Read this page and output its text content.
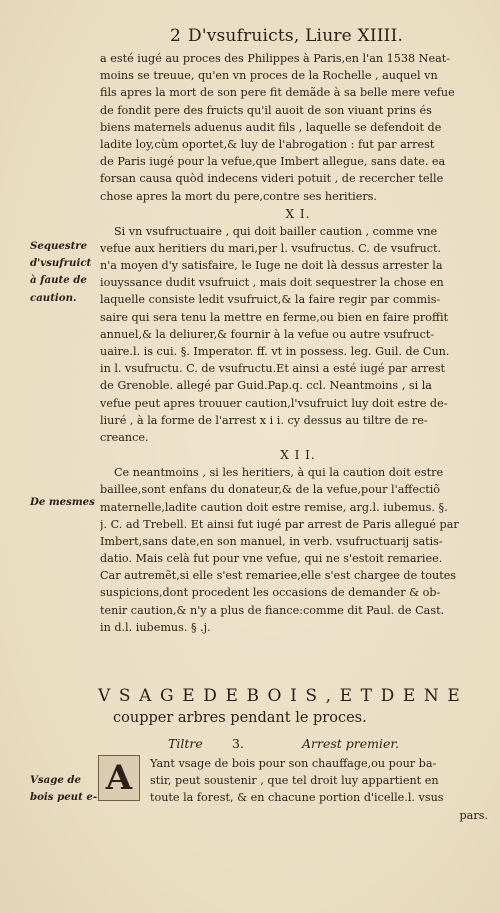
2 D'vsufruicts, Liure XIIII.
a esté iugé au proces des Philippes à Paris,en l'an 1538 Neat-
moins se treuue, qu'en vn proces de la Rochelle , auquel vn
fils apres la mort de son pere fit demãde à sa belle mere vefue
de fondit pere des fruicts qu'il auoit de son viuant prins és
biens maternels aduenus audit fils , laquelle se defendoit de
ladite loy,cùm oportet,& luy de l'abrogation : fut par arrest
de Paris iugé pour la vefue,que Imbert allegue, sans date. ea
forsan causa quòd indecens videri potuit , de recercher telle
chose apres la mort du pere,contre ses heritiers.
X I.
Si vn vsufructuaire , qui doit bailler caution , comme vne
vefue aux heritiers du mari,per l. vsufructus. C. de vsufruct.
n'a moyen d'y satisfaire, le Iuge ne doit là dessus arrester la
iouyssance dudit vsufruict , mais doit sequestrer la chose en
laquelle consiste ledit vsufruict,& la faire regir par commis-
saire qui sera tenu la mettre en ferme,ou bien en faire proffit
annuel,& la deliurer,& fournir à la vefue ou autre vsufruct-
uaire.l. is cui. §. Imperator. ff. vt in possess. leg. Guil. de Cun.
in l. vsufructu. C. de vsufructu.Et ainsi a esté iugé par arrest
de Grenoble. allegé par Guid.Pap.q. ccl. Neantmoins , si la
vefue peut apres trouuer caution,l'vsufruict luy doit estre de-
liuré , à la forme de l'arrest x i i. cy dessus au tiltre de re-
creance.
X I I.
Ce neantmoins , si les heritiers, à qui la caution doit estre
baillee,sont enfans du donateur,& de la vefue,pour l'affectiõ
maternelle,ladite caution doit estre remise, arg.l. iubemus. §.
j. C. ad Trebell. Et ainsi fut iugé par arrest de Paris allegué par
Imbert,sans date,en son manuel, in verb. vsufructuarij satis-
datio. Mais celà fut pour vne vefue, qui ne s'estoit remariee.
Car autremẽt,si elle s'est remariee,elle s'est chargee de toutes
suspicions,dont procedent les occasions de demander & ob-
tenir caution,& n'y a plus de fiance:comme dit Paul. de Cast.
in d.l. iubemus. § .j.
Sequestre
d'vsufruict
à faute de
caution.
De mesmes
V S A G E D E B O I S , E T D E N E
coupper arbres pendant le proces.
Tiltre 3.	Arrest premier.
A Yant vsage de bois pour son chauffage,ou pour ba-
stir, peut soustenir , que tel droit luy appartient en
toute la forest, & en chacune portion d'icelle.l. vsus
pars.
Vsage de
bois peut e-
